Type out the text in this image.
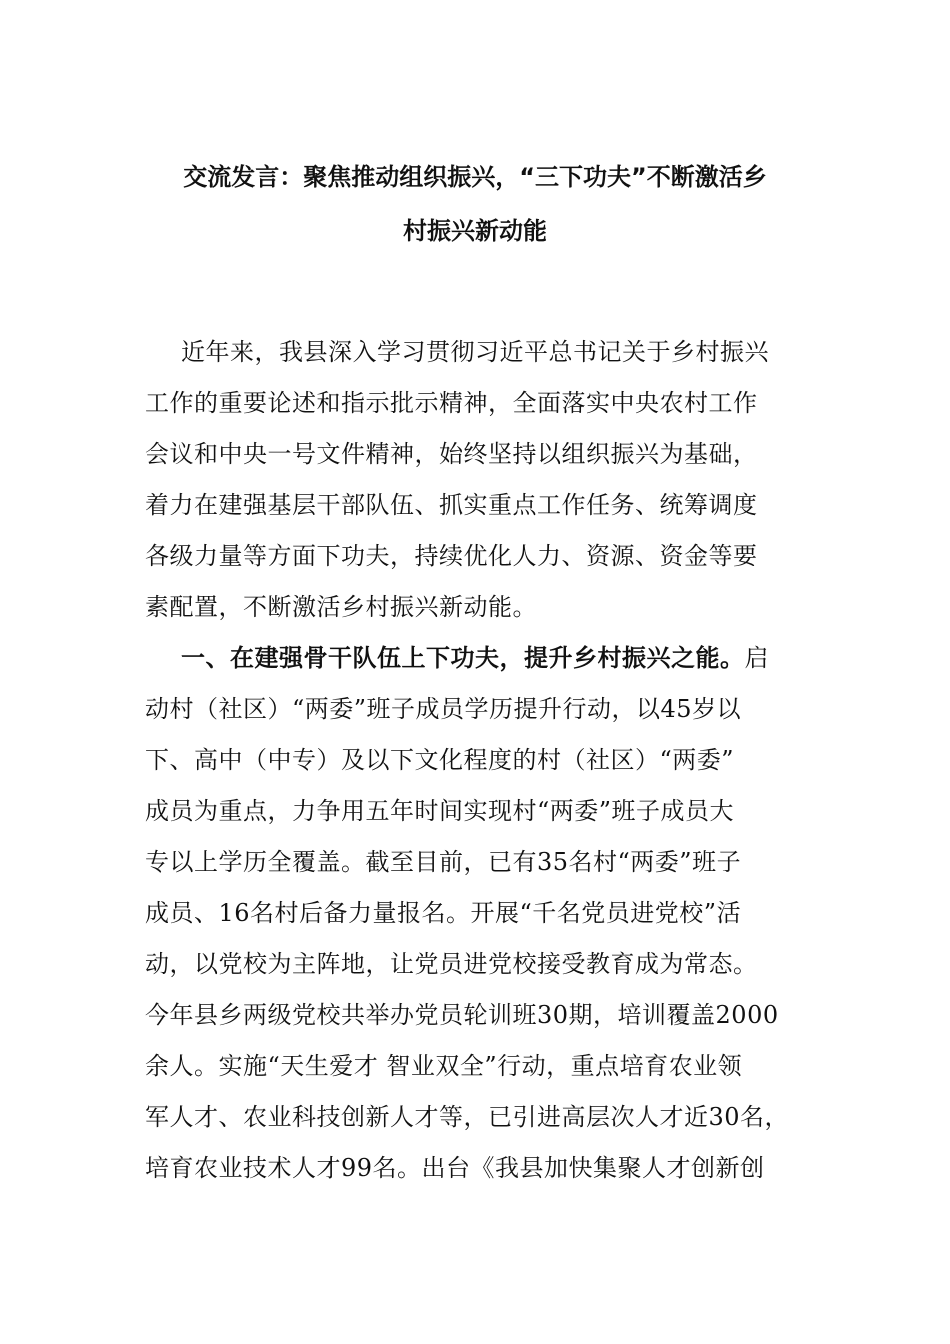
交流发言：聚焦推动组织振兴，“三下功夫”不断激活乡
村振兴新动能

近年来，我县深入学习贯彻习近平总书记关于乡村振兴
工作的重要论述和指示批示精神，全面落实中央农村工作
会议和中央一号文件精神，始终坚持以组织振兴为基础，
着力在建强基层干部队伍、抓实重点工作任务、统筹调度
各级力量等方面下功夫，持续优化人力、资源、资金等要
素配置，不断激活乡村振兴新动能。

一、在建强骨干队伍上下功夫，提升乡村振兴之能。启
动村（社区）“两委”班子成员学历提升行动，以45岁以
下、高中（中专）及以下文化程度的村（社区）“两委”
成员为重点，力争用五年时间实现村“两委”班子成员大
专以上学历全覆盖。截至目前，已有35名村“两委”班子
成员、16名村后备力量报名。开展“千名党员进党校”活
动，以党校为主阵地，让党员进党校接受教育成为常态。
今年县乡两级党校共举办党员轮训班30期，培训覆盖2000
余人。实施“天生爱才 智业双全”行动，重点培育农业领
军人才、农业科技创新人才等，已引进高层次人才近30名，
培育农业技术人才99名。出台《我县加快集聚人才创新创
